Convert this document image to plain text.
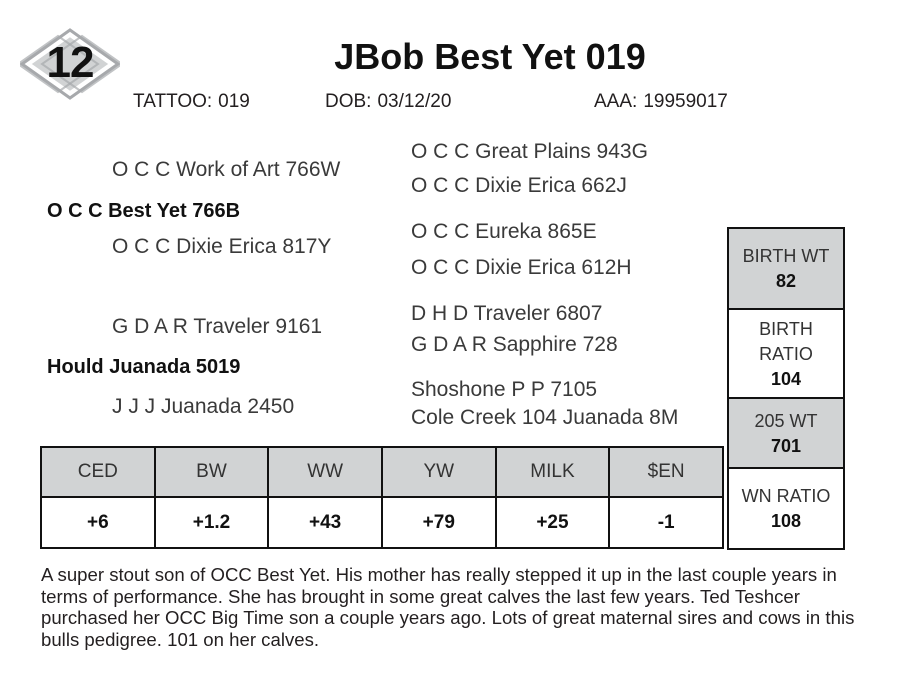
12	JBob Best Yet 019
TATTOO: 019	DOB: 03/12/20	AAA: 19959017
O C C Great Plains 943G
O C C Work of Art 766W
O C C Dixie Erica 662J
O C C Best Yet 766B
O C C Eureka 865E
O C C Dixie Erica 817Y
O C C Dixie Erica 612H
D H D Traveler 6807
G D A R Traveler 9161
G D A R Sapphire 728
Hould Juanada 5019
Shoshone P P 7105
J J J Juanada 2450	Cole Creek 104 Juanada 8M
CED	BW	WW	YW	MILK	$EN
+6	+1.2	+43	+79	+25	-1
BIRTH WT
82
BIRTH RATIO
104
205 WT
701
WN RATIO
108
A super stout son of OCC Best Yet. His mother has really stepped it up in the last couple years in terms of performance. She has brought in some great calves the last few years. Ted Teshcer purchased her OCC Big Time son a couple years ago. Lots of great maternal sires and cows in this bulls pedigree. 101 on her calves.
